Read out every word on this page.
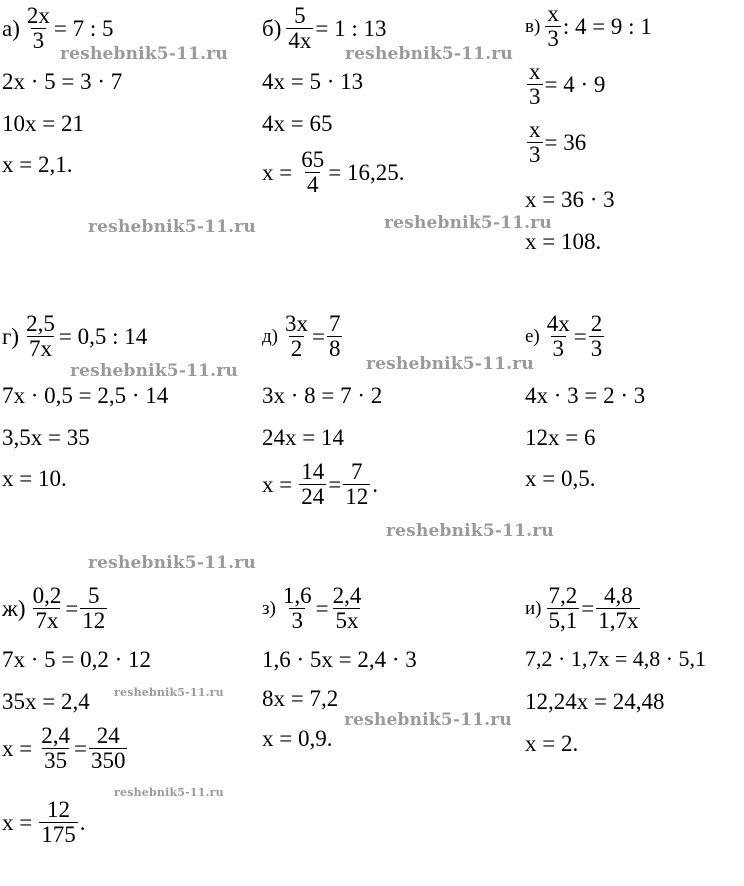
$а) \frac{2x}{3} = 7$ : 5
2x · 5 = 3 · 7
10x = 21
x = 2,1.
$б) \frac{5}{4x} = 1$ : 13
4x = 5 · 13
4x = 65
$x = \frac{65}{4} = 16,25$.
$в) \frac{x}{3}$ : 4 = 9 : 1
$\frac{x}{3} = 4 \cdot 9$
$\frac{x}{3} = 36$
x = 36 · 3
x = 108.
$г) \frac{2,5}{7x} = 0,5$ : 14
7x · 0,5 = 2,5 · 14
3,5x = 35
x = 10.
$д) \frac{3x}{2} = \frac{7}{8}$
3x · 8 = 7 · 2
24x = 14
$x = \frac{14}{24} = \frac{7}{12}$ .
$е) \frac{4x}{3} = \frac{2}{3}$
4x · 3 = 2 · 3
12x = 6
x = 0,5.
$ж) \frac{0,2}{7x} = \frac{5}{12}$
7x · 5 = 0,2 · 12
35x = 2,4
$x = \frac{2,4}{35} = \frac{24}{350}$
$x = \frac{12}{175}$ .
$з) \frac{1,6}{3} = \frac{2,4}{5x}$
1,6 · 5x = 2,4 · 3
8x = 7,2
x = 0,9.
$и) \frac{7,2}{5,1} = \frac{4,8}{1,7x}$
7,2 · 1,7x = 4,8 · 5,1
12,24x = 24,48
x = 2.
reshebnik5-11.ru	reshebnik5-11.ru
reshebnik5-11.ru	reshebnik5-11.ru
reshebnik5-11.ru	reshebnik5-11.ru
reshebnik5-11.ru
reshebnik5-11.ru
reshebnik5-11.ru
reshebnik5-11.ru
reshebnik5-11.ru
